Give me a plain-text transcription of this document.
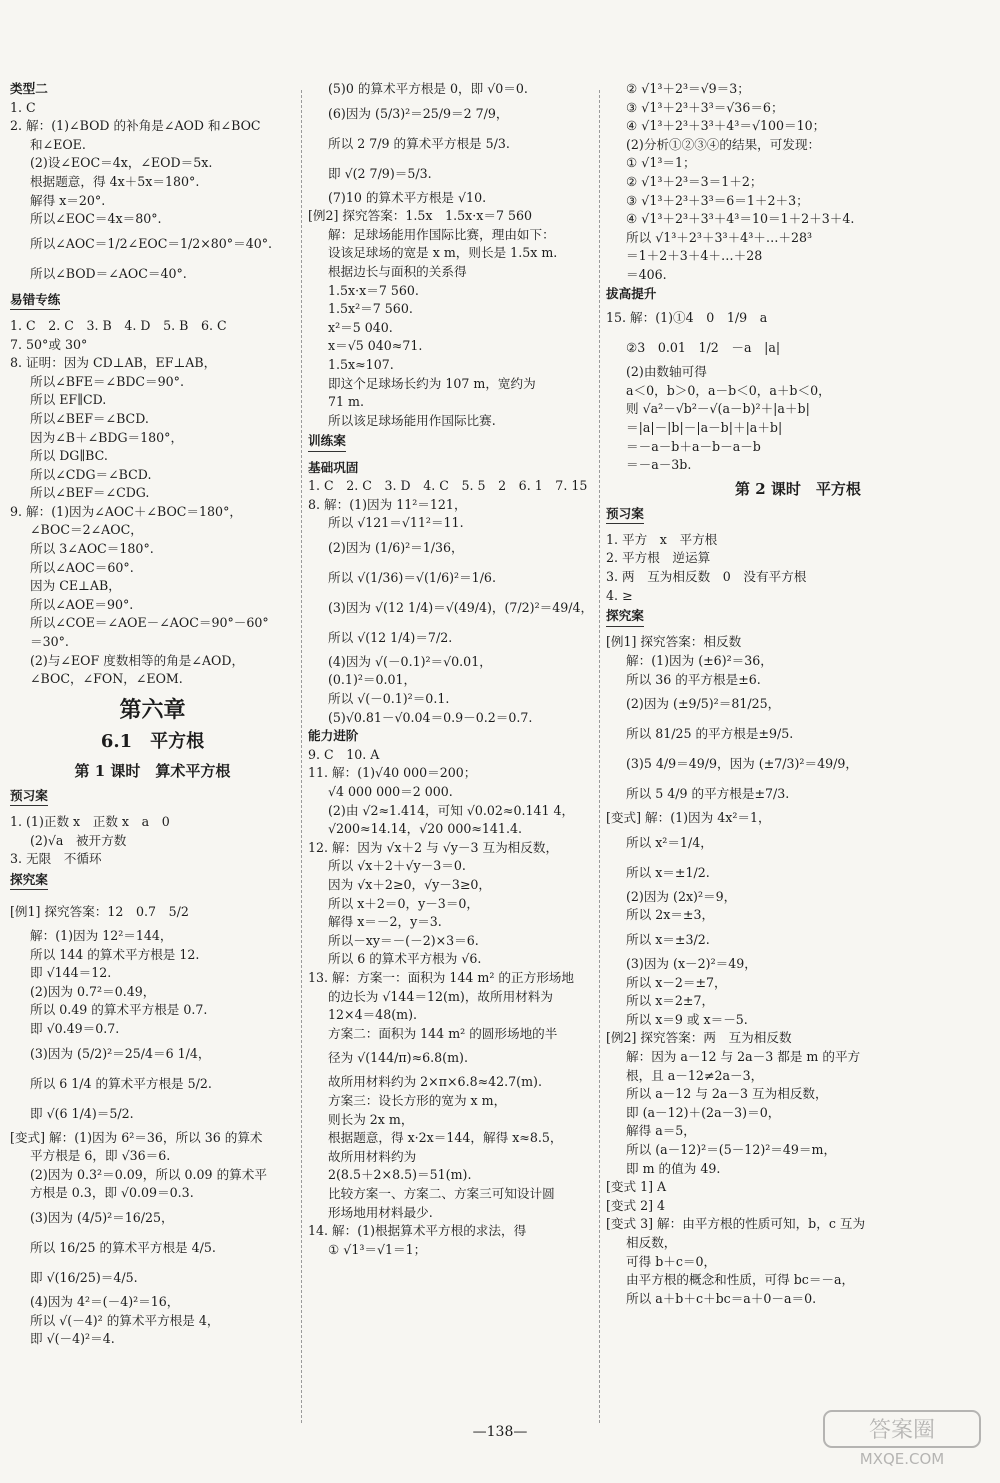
类型二
1. C
2. 解：(1)∠BOD 的补角是∠AOD 和∠BOC
和∠EOE.
(2)设∠EOC＝4x，∠EOD＝5x.
根据题意，得 4x＋5x＝180°.
解得 x＝20°.
所以∠EOC＝4x＝80°.
所以∠AOC＝1/2∠EOC＝1/2×80°＝40°.
所以∠BOD＝∠AOC＝40°.
易错专练
1. C　2. C　3. B　4. D　5. B　6. C
7. 50°或 30°
8. 证明：因为 CD⊥AB，EF⊥AB，
所以∠BFE＝∠BDC＝90°.
所以 EF∥CD.
所以∠BEF＝∠BCD.
因为∠B＋∠BDG＝180°，
所以 DG∥BC.
所以∠CDG＝∠BCD.
所以∠BEF＝∠CDG.
9. 解：(1)因为∠AOC＋∠BOC＝180°，
∠BOC＝2∠AOC，
所以 3∠AOC＝180°.
所以∠AOC＝60°.
因为 CE⊥AB，
所以∠AOE＝90°.
所以∠COE＝∠AOE－∠AOC＝90°－60°
＝30°.
(2)与∠EOF 度数相等的角是∠AOD，
∠BOC，∠FON，∠EOM.
第六章
6.1　平方根
第 1 课时　算术平方根
预习案
1. (1)正数 x　正数 x　a　0
(2)√a　被开方数
3. 无限　不循环
探究案
[例1] 探究答案：12　0.7　5/2
解：(1)因为 12²＝144，
所以 144 的算术平方根是 12.
即 √144＝12.
(2)因为 0.7²＝0.49，
所以 0.49 的算术平方根是 0.7.
即 √0.49＝0.7.
(3)因为 (5/2)²＝25/4＝6 1/4，
所以 6 1/4 的算术平方根是 5/2.
即 √(6 1/4)＝5/2.
[变式] 解：(1)因为 6²＝36，所以 36 的算术
平方根是 6，即 √36＝6.
(2)因为 0.3²＝0.09，所以 0.09 的算术平
方根是 0.3，即 √0.09＝0.3.
(3)因为 (4/5)²＝16/25，
所以 16/25 的算术平方根是 4/5.
即 √(16/25)＝4/5.
(4)因为 4²＝(－4)²＝16，
所以 √(－4)² 的算术平方根是 4，
即 √(－4)²＝4.
(5)0 的算术平方根是 0，即 √0＝0.
(6)因为 (5/3)²＝25/9＝2 7/9，
所以 2 7/9 的算术平方根是 5/3.
即 √(2 7/9)＝5/3.
(7)10 的算术平方根是 √10.
[例2] 探究答案：1.5x　1.5x·x＝7 560
解：足球场能用作国际比赛，理由如下：
设该足球场的宽是 x m，则长是 1.5x m.
根据边长与面积的关系得
1.5x·x＝7 560.
1.5x²＝7 560.
x²＝5 040.
x＝√5 040≈71.
1.5x≈107.
即这个足球场长约为 107 m，宽约为
71 m.
所以该足球场能用作国际比赛.
训练案
基础巩固
1. C　2. C　3. D　4. C　5. 5　2　6. 1　7. 15
8. 解：(1)因为 11²＝121，
所以 √121＝√11²＝11.
(2)因为 (1/6)²＝1/36，
所以 √(1/36)＝√(1/6)²＝1/6.
(3)因为 √(12 1/4)＝√(49/4)，(7/2)²＝49/4，
所以 √(12 1/4)＝7/2.
(4)因为 √(－0.1)²＝√0.01，
(0.1)²＝0.01，
所以 √(－0.1)²＝0.1.
(5)√0.81－√0.04＝0.9－0.2＝0.7.
能力进阶
9. C　10. A
11. 解：(1)√40 000＝200；
√4 000 000＝2 000.
(2)由 √2≈1.414，可知 √0.02≈0.141 4，
√200≈14.14，√20 000≈141.4.
12. 解：因为 √x＋2 与 √y－3 互为相反数，
所以 √x＋2＋√y－3＝0.
因为 √x＋2≥0，√y－3≥0，
所以 x＋2＝0，y－3＝0，
解得 x＝－2，y＝3.
所以－xy＝－(－2)×3＝6.
所以 6 的算术平方根为 √6.
13. 解：方案一：面积为 144 m² 的正方形场地
的边长为 √144＝12(m)，故所用材料为
12×4＝48(m).
方案二：面积为 144 m² 的圆形场地的半
径为 √(144/π)≈6.8(m).
故所用材料约为 2×π×6.8≈42.7(m).
方案三：设长方形的宽为 x m，
则长为 2x m，
根据题意，得 x·2x＝144，解得 x≈8.5，
故所用材料约为
2(8.5＋2×8.5)＝51(m).
比较方案一、方案二、方案三可知设计圆
形场地用材料最少.
14. 解：(1)根据算术平方根的求法，得
① √1³＝√1＝1；
② √1³＋2³＝√9＝3；
③ √1³＋2³＋3³＝√36＝6；
④ √1³＋2³＋3³＋4³＝√100＝10；
(2)分析①②③④的结果，可发现：
① √1³＝1；
② √1³＋2³＝3＝1＋2；
③ √1³＋2³＋3³＝6＝1＋2＋3；
④ √1³＋2³＋3³＋4³＝10＝1＋2＋3＋4.
所以 √1³＋2³＋3³＋4³＋…＋28³
＝1＋2＋3＋4＋…＋28
＝406.
拔高提升
15. 解：(1)①4　0　1/9　a
②3　0.01　1/2　－a　|a|
(2)由数轴可得
a＜0，b＞0，a－b＜0，a＋b＜0，
则 √a²－√b²－√(a－b)²＋|a＋b|
＝|a|－|b|－|a－b|＋|a＋b|
＝－a－b＋a－b－a－b
＝－a－3b.
第 2 课时　平方根
预习案
1. 平方　x　平方根
2. 平方根　逆运算
3. 两　互为相反数　0　没有平方根
4. ≥
探究案
[例1] 探究答案：相反数
解：(1)因为 (±6)²＝36，
所以 36 的平方根是±6.
(2)因为 (±9/5)²＝81/25，
所以 81/25 的平方根是±9/5.
(3)5 4/9＝49/9，因为 (±7/3)²＝49/9，
所以 5 4/9 的平方根是±7/3.
[变式] 解：(1)因为 4x²＝1，
所以 x²＝1/4，
所以 x＝±1/2.
(2)因为 (2x)²＝9，
所以 2x＝±3，
所以 x＝±3/2.
(3)因为 (x－2)²＝49，
所以 x－2＝±7，
所以 x＝2±7，
所以 x＝9 或 x＝－5.
[例2] 探究答案：两　互为相反数
解：因为 a－12 与 2a－3 都是 m 的平方
根，且 a－12≠2a－3，
所以 a－12 与 2a－3 互为相反数，
即 (a－12)＋(2a－3)＝0，
解得 a＝5，
所以 (a－12)²＝(5－12)²＝49＝m，
即 m 的值为 49.
[变式 1] A
[变式 2] 4
[变式 3] 解：由平方根的性质可知，b，c 互为
相反数，
可得 b＋c＝0，
由平方根的概念和性质，可得 bc＝－a，
所以 a＋b＋c＋bc＝a＋0－a＝0.
—138—	答案圈
MXQE.COM
